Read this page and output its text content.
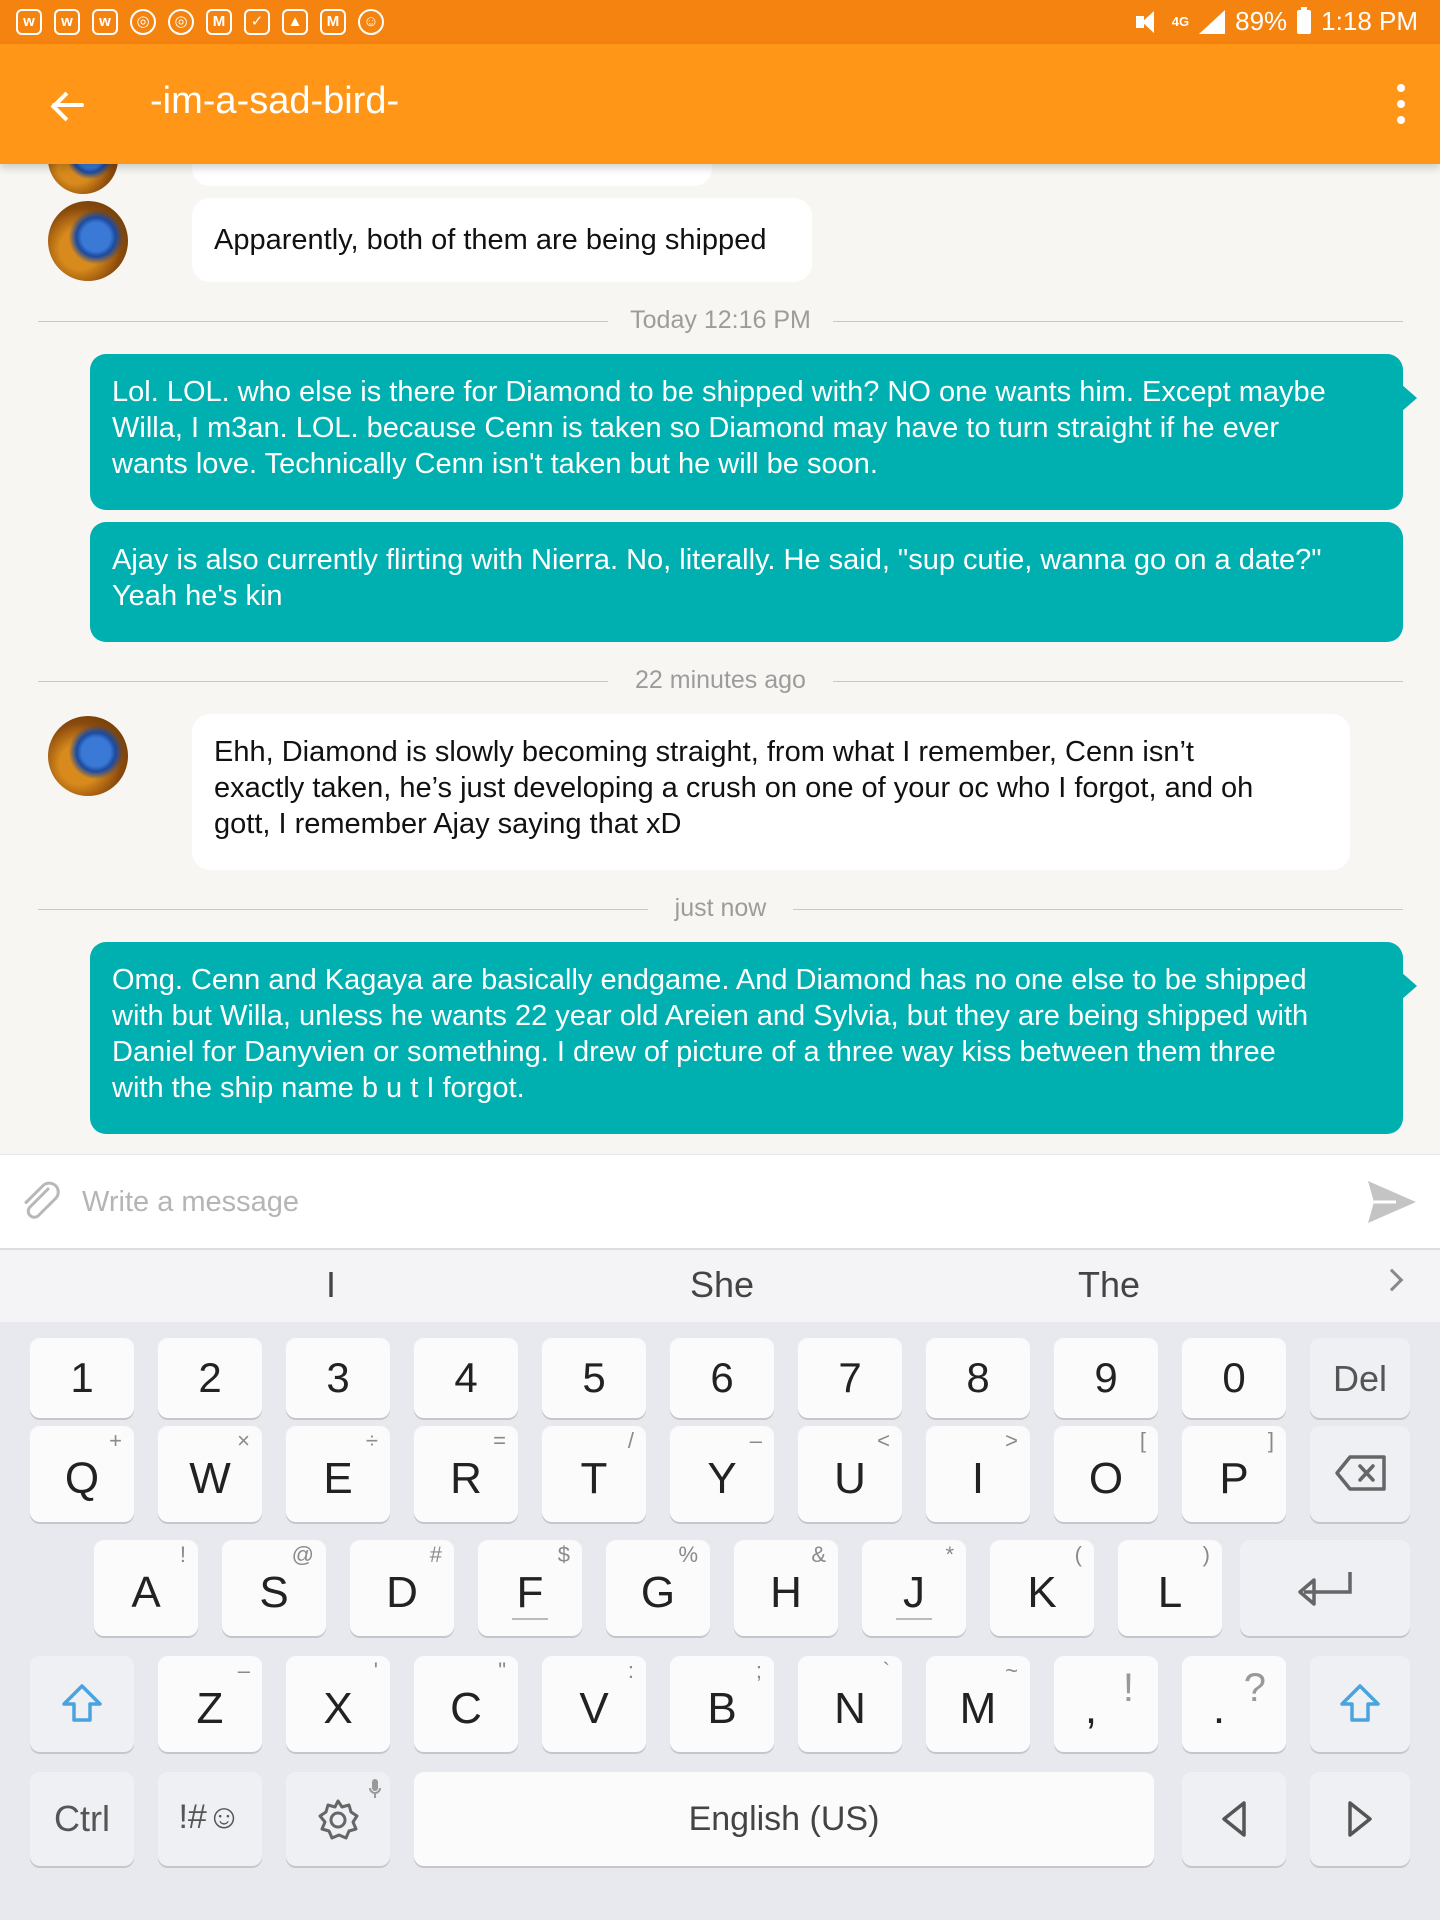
w	w	w	◎	◎	M	✓	▲	M	☺	4G 89% 1:18 PM
-im-a-sad-bird-
Apparently, both of them are being shipped
Today 12:16 PM
Lol. LOL. who else is there for Diamond to be shipped with? NO one wants him. Except maybe
Willa, I m3an. LOL. because Cenn is taken so Diamond may have to turn straight if he ever
wants love. Technically Cenn isn't taken but he will be soon.
Ajay is also currently flirting with Nierra. No, literally. He said, "sup cutie, wanna go on a date?"
Yeah he's kin
22 minutes ago
Ehh, Diamond is slowly becoming straight, from what I remember, Cenn isn’t
exactly taken, he’s just developing a crush on one of your oc who I forgot, and oh
gott, I remember Ajay saying that xD
just now
Omg. Cenn and Kagaya are basically endgame. And Diamond has no one else to be shipped
with but Willa, unless he wants 22 year old Areien and Sylvia, but they are being shipped with
Daniel for Danyvien or something. I drew of picture of a three way kiss between them three
with the ship name b u t I forgot.
Write a message
I	She	The
1	2	3	4	5	6	7	8	9	0	Del
Q
+
W
×
E
÷
R
=
T
/
Y
–
U
<
I
>
O
[
P
]
A
!
S
@
D
#
F
$
G
%
H
&
J
*
K
(
L
)
Z
–
X
'
C
"
V
:
B
;
N
`
M
~
, !	. ?
Ctrl	!#☺	English (US)
